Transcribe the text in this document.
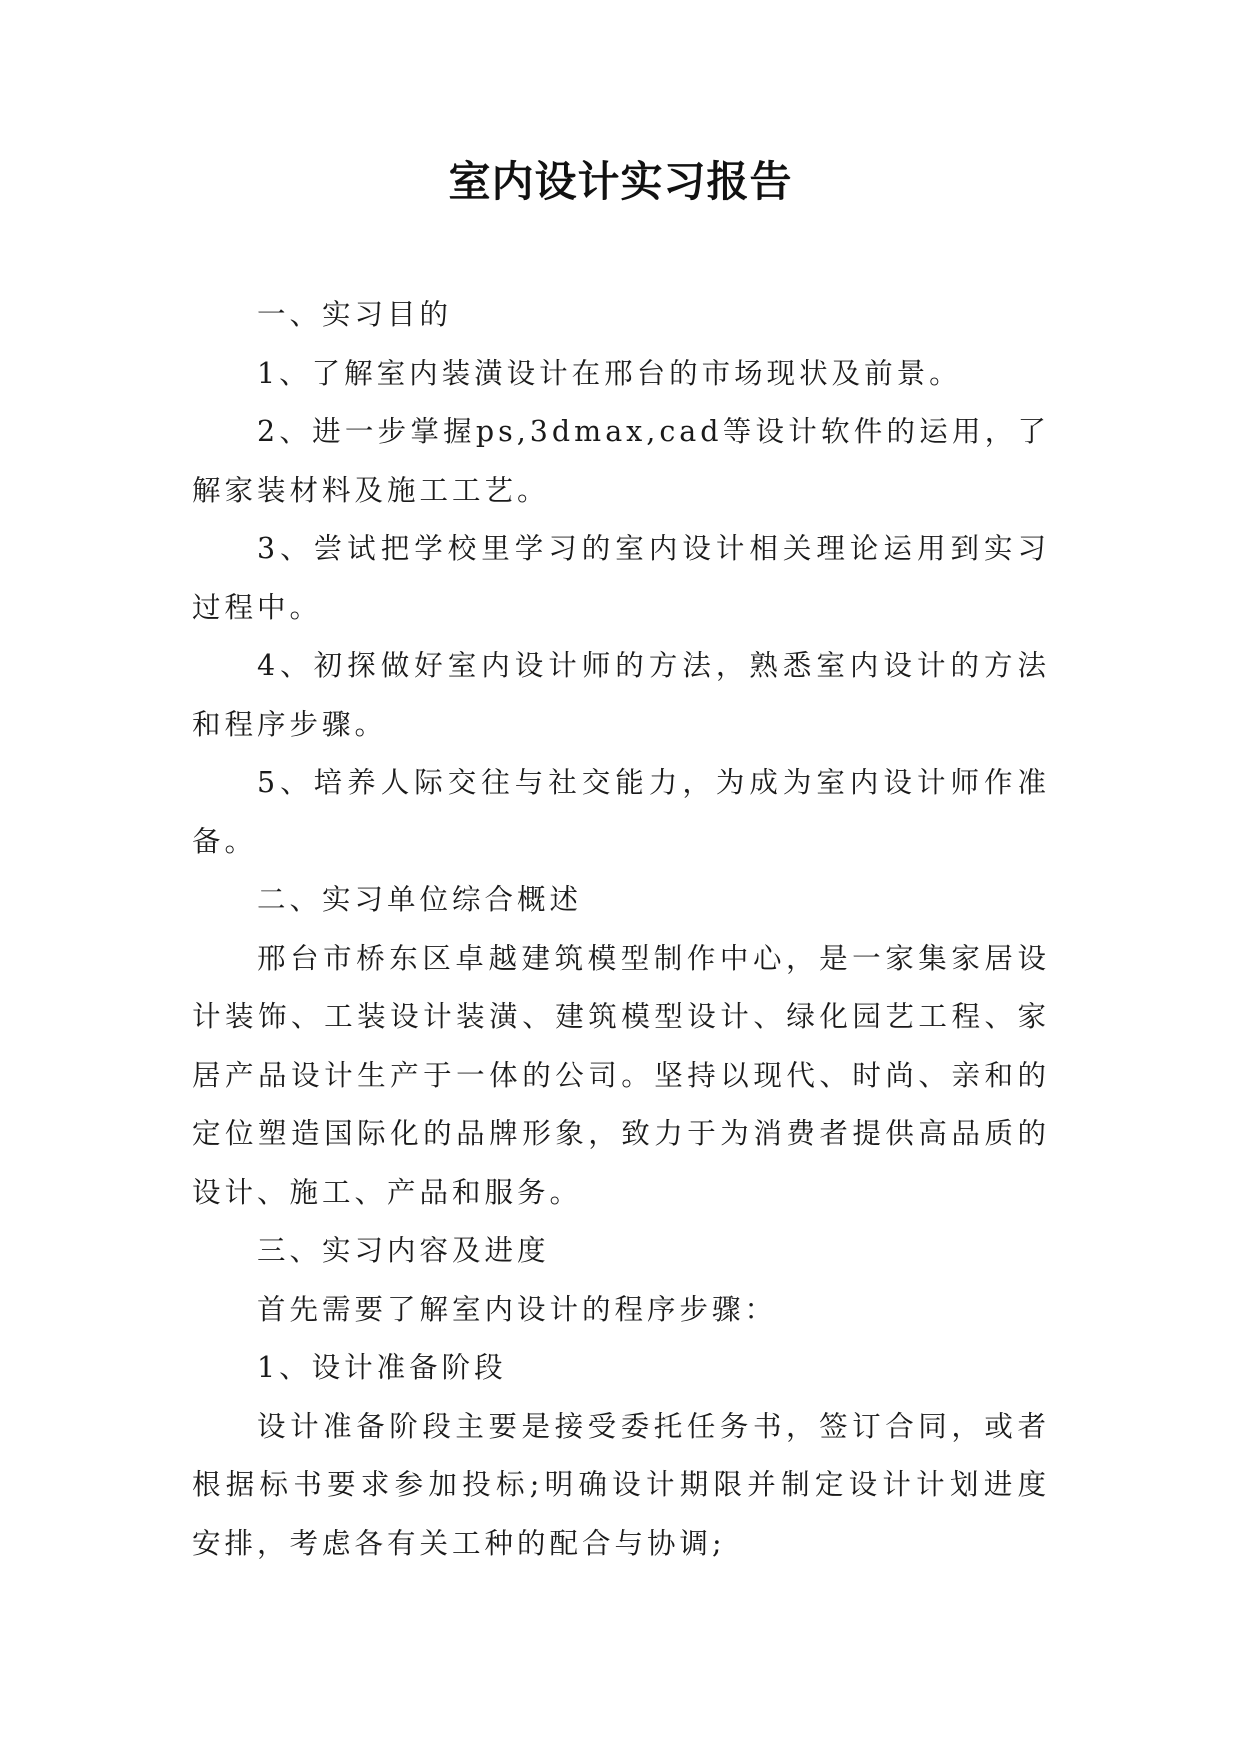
室内设计实习报告

一、实习目的

1、了解室内装潢设计在邢台的市场现状及前景。

2、进一步掌握ps,3dmax,cad等设计软件的运用，了解家装材料及施工工艺。

3、尝试把学校里学习的室内设计相关理论运用到实习过程中。

4、初探做好室内设计师的方法，熟悉室内设计的方法和程序步骤。

5、培养人际交往与社交能力，为成为室内设计师作准备。

二、实习单位综合概述

邢台市桥东区卓越建筑模型制作中心，是一家集家居设计装饰、工装设计装潢、建筑模型设计、绿化园艺工程、家居产品设计生产于一体的公司。坚持以现代、时尚、亲和的定位塑造国际化的品牌形象，致力于为消费者提供高品质的设计、施工、产品和服务。

三、实习内容及进度

首先需要了解室内设计的程序步骤：

1、设计准备阶段

设计准备阶段主要是接受委托任务书，签订合同，或者根据标书要求参加投标;明确设计期限并制定设计计划进度安排，考虑各有关工种的配合与协调;
